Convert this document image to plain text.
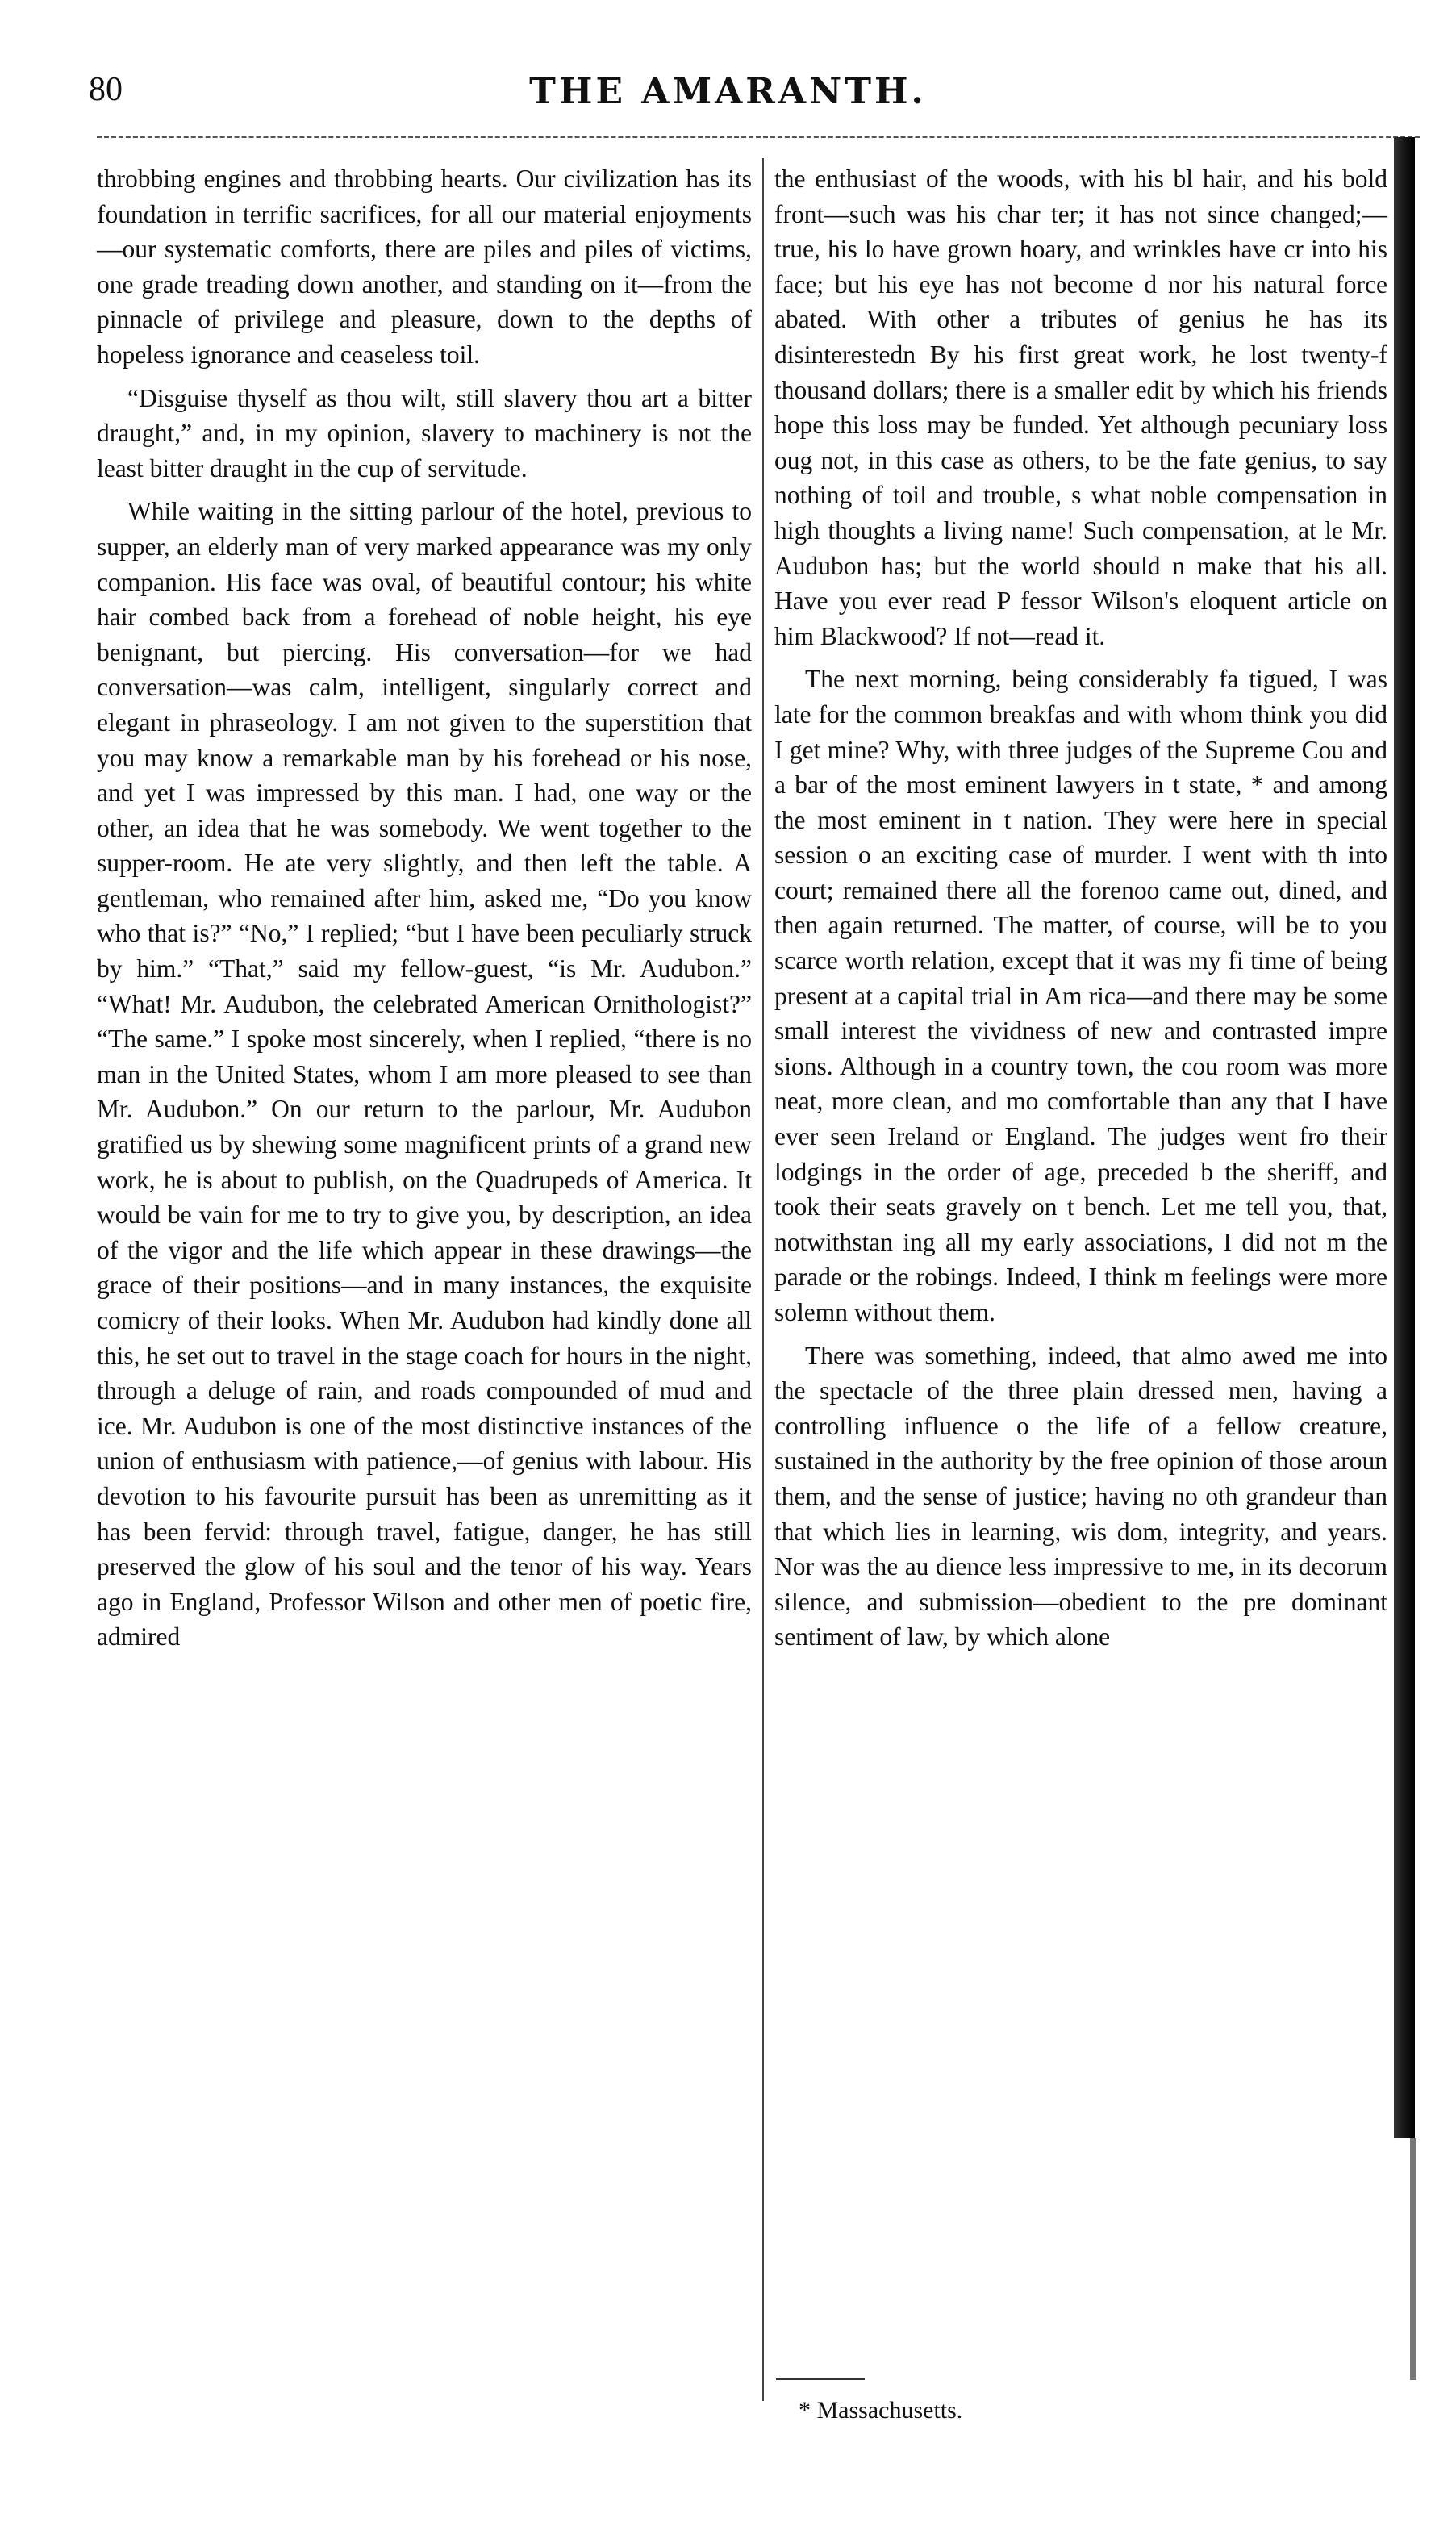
80	THE AMARANTH.

throbbing engines and throbbing hearts. Our civilization has its foundation in terrific sacrifices, for all our material enjoyments—our systematic comforts, there are piles and piles of victims, one grade treading down another, and standing on it—from the pinnacle of privilege and pleasure, down to the depths of hopeless ignorance and ceaseless toil.

“Disguise thyself as thou wilt, still slavery thou art a bitter draught,” and, in my opinion, slavery to machinery is not the least bitter draught in the cup of servitude.

While waiting in the sitting parlour of the hotel, previous to supper, an elderly man of very marked appearance was my only companion. His face was oval, of beautiful contour; his white hair combed back from a forehead of noble height, his eye benignant, but piercing. His conversation—for we had conversation—was calm, intelligent, singularly correct and elegant in phraseology. I am not given to the superstition that you may know a remarkable man by his forehead or his nose, and yet I was impressed by this man. I had, one way or the other, an idea that he was somebody. We went together to the supper-room. He ate very slightly, and then left the table. A gentleman, who remained after him, asked me, “Do you know who that is?” “No,” I replied; “but I have been peculiarly struck by him.” “That,” said my fellow-guest, “is Mr. Audubon.” “What! Mr. Audubon, the celebrated American Ornithologist?” “The same.” I spoke most sincerely, when I replied, “there is no man in the United States, whom I am more pleased to see than Mr. Audubon.” On our return to the parlour, Mr. Audubon gratified us by shewing some magnificent prints of a grand new work, he is about to publish, on the Quadrupeds of America. It would be vain for me to try to give you, by description, an idea of the vigor and the life which appear in these drawings—the grace of their positions—and in many instances, the exquisite comicry of their looks. When Mr. Audubon had kindly done all this, he set out to travel in the stage coach for hours in the night, through a deluge of rain, and roads compounded of mud and ice. Mr. Audubon is one of the most distinctive instances of the union of enthusiasm with patience,—of genius with labour. His devotion to his favourite pursuit has been as unremitting as it has been fervid: through travel, fatigue, danger, he has still preserved the glow of his soul and the tenor of his way. Years ago in England, Professor Wilson and other men of poetic fire, admired

the enthusiast of the woods, with his bl hair, and his bold front—such was his char ter; it has not since changed;—true, his lo have grown hoary, and wrinkles have cr into his face; but his eye has not become d nor his natural force abated. With other a tributes of genius he has its disinterestedn By his first great work, he lost twenty-f thousand dollars; there is a smaller edit by which his friends hope this loss may be funded. Yet although pecuniary loss oug not, in this case as others, to be the fate genius, to say nothing of toil and trouble, s what noble compensation in high thoughts a living name! Such compensation, at le Mr. Audubon has; but the world should n make that his all. Have you ever read P fessor Wilson's eloquent article on him Blackwood? If not—read it.

The next morning, being considerably fa tigued, I was late for the common breakfas and with whom think you did I get mine? Why, with three judges of the Supreme Cou and a bar of the most eminent lawyers in t state, * and among the most eminent in t nation. They were here in special session o an exciting case of murder. I went with th into court; remained there all the forenoo came out, dined, and then again returned. The matter, of course, will be to you scarce worth relation, except that it was my fi time of being present at a capital trial in Am rica—and there may be some small interest the vividness of new and contrasted impre sions. Although in a country town, the cou room was more neat, more clean, and mo comfortable than any that I have ever seen Ireland or England. The judges went fro their lodgings in the order of age, preceded b the sheriff, and took their seats gravely on t bench. Let me tell you, that, notwithstan ing all my early associations, I did not m the parade or the robings. Indeed, I think m feelings were more solemn without them.

There was something, indeed, that almo awed me into the spectacle of the three plain dressed men, having a controlling influence o the life of a fellow creature, sustained in the authority by the free opinion of those aroun them, and the sense of justice; having no oth grandeur than that which lies in learning, wis dom, integrity, and years. Nor was the au dience less impressive to me, in its decorum silence, and submission—obedient to the pre dominant sentiment of law, by which alone

* Massachusetts.
